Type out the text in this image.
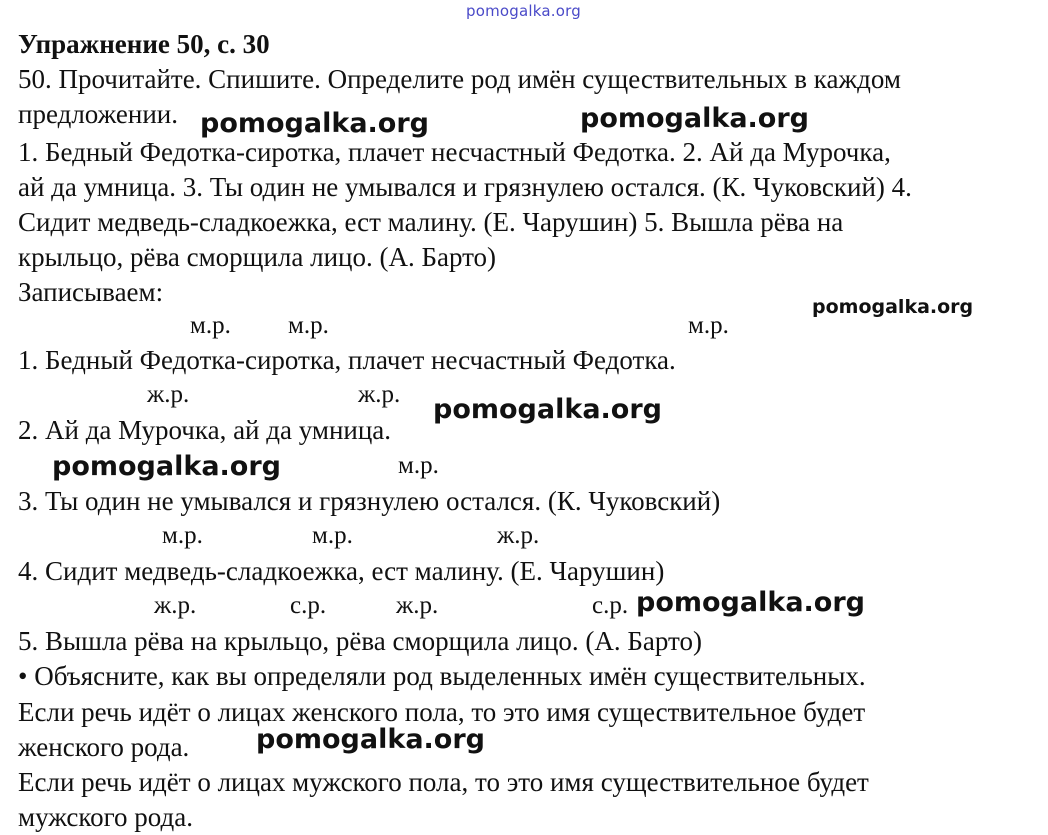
pomogalka.org
Упражнение 50, с. 30
50. Прочитайте. Спишите. Определите род имён существительных в каждом
предложении.
1. Бедный Федотка-сиротка, плачет несчастный Федотка. 2. Ай да Мурочка,
ай да умница. 3. Ты один не умывался и грязнулею остался. (К. Чуковский) 4.
Сидит медведь-сладкоежка, ест малину. (Е. Чарушин) 5. Вышла рёва на
крыльцо, рёва сморщила лицо. (А. Барто)
Записываем:
м.р. м.р.	м.р.
1. Бедный Федотка-сиротка, плачет несчастный Федотка.
ж.р.	ж.р.
2. Ай да Мурочка, ай да умница.
м.р.
3. Ты один не умывался и грязнулею остался. (К. Чуковский)
м.р.	м.р.	ж.р.
4. Сидит медведь-сладкоежка, ест малину. (Е. Чарушин)
ж.р.	с.р.	ж.р.	с.р.
5. Вышла рёва на крыльцо, рёва сморщила лицо. (А. Барто)
• Объясните, как вы определяли род выделенных имён существительных.
Если речь идёт о лицах женского пола, то это имя существительное будет
женского рода.
Если речь идёт о лицах мужского пола, то это имя существительное будет
мужского рода.
pomogalka.org	pomogalka.org
pomogalka.org
pomogalka.org
pomogalka.org
pomogalka.org
pomogalka.org
